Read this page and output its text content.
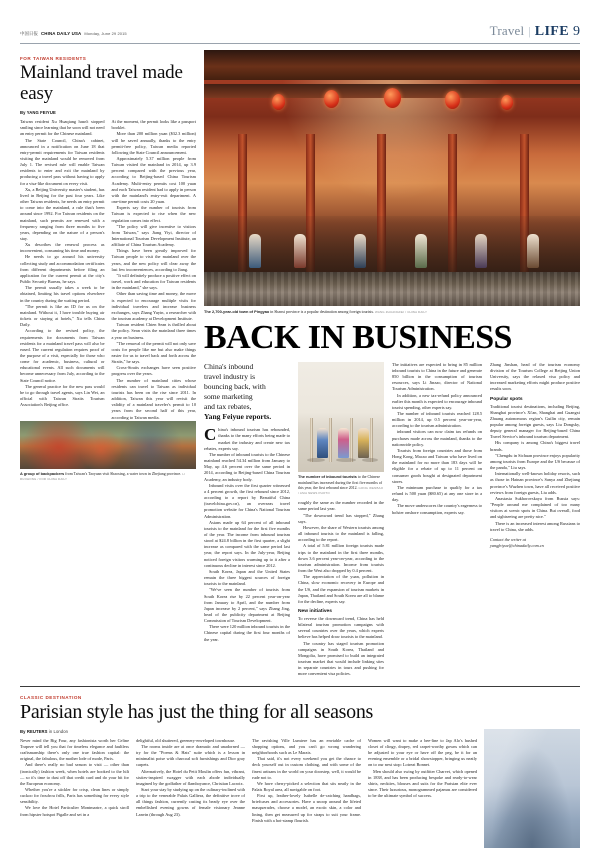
中国日报 CHINA DAILY USA Monday, June 29 2015	Travel | LIFE 9
FOR TAIWAN RESIDENTS
Mainland travel made easy
By YANG FEIYUE

Taiwan resident Xu Huaqiang hasn't stopped smiling since learning that he soon will not need an entry permit for the Chinese mainland.

The State Council, China's cabinet, announced in a notification on June 18 that entry-permit requirements for Taiwan residents visiting the mainland would be removed from July 1. The revised rule will enable Taiwan residents to enter and exit the mainland by producing a travel pass without having to apply for a visa-like document on every visit.

Xu, a Beijing University master's student, has lived in Beijing for the past four years. Like other Taiwan residents, he needs an entry permit to come into the mainland, a rule that's been around since 1992. For Taiwan residents on the mainland, such permits are renewed with a frequency ranging from three months to five years, depending on the nature of a person's stay.

Xu describes the renewal process as inconvenient, consuming his time and money.

He needs to go around his university collecting study and accommodation certificates from different departments before filing an application for the current permit at the city's Public Security Bureau, he says.

The permit usually takes a week to be obtained, limiting his travel options elsewhere in the country during the waiting period.

"The permit is like an ID for us on the mainland. Without it, I have trouble buying air tickets or staying at hotels," Xu tells China Daily.

According to the revised policy, the requirements for documents from Taiwan residents for a mainland travel pass will also be eased. The current regulation requires proof of the purpose of a visit, especially for those who come for academic, business, cultural or educational events. All such documents will become unnecessary from July, according to the State Council notice.

The general practice for the new pass would be to go through travel agents, says Lin Wei, an official with Taiwan Straits Tourism Association's Beijing office.

At the moment, the permit looks like a passport booklet.

More than 200 million yuan ($32.3 million) will be saved annually, thanks to the entry permit-free policy, Taiwan media reported following the State Council announcement.

Approximately 5.37 million people from Taiwan visited the mainland in 2014, up 3.9 percent compared with the previous year, according to Beijing-based China Tourism Academy. Multi-entry permits cost 100 yuan and each Taiwan resident had to apply in person with the mainland's entry-exit department. A one-time permit costs 20 yuan.

Experts say the number of tourists from Taiwan is expected to rise when the new regulation comes into effect.

"The policy will give incentive to visitors from Taiwan," says Jiang Yiyi, director of International Tourism Development Institute, an affiliate of China Tourism Academy.

Things have been greatly improved for Taiwan people to visit the mainland over the years, and the new policy will clear away the last few inconveniences, according to Jiang.

"It will definitely produce a positive effect on travel, work and education for Taiwan residents in the mainland," she says.

Other than saving time and money, the move is expected to encourage multiple visits for individual travelers and increase business exchanges, says Zhang Yuyin, a researcher with the tourism academy at Development Institute.

Taiwan resident Chien Sean is thrilled about the policy. Sean visits the mainland three times a year on business.

"The removal of the permit will not only save costs for people like me but also make things easier for us to travel back and forth across the Straits," he says.

Cross-Straits exchanges have seen positive progress over the years.

The number of mainland cities whose residents can travel to Taiwan as individual tourists has been on the rise since 2011. In addition, Taiwan this year will revisit the validity of a mainland traveler's permit to 10 years from the second half of this year, according to Taiwan media.

A group of backpackers from Taiwan's Taoyuan visit Shaoxing, a water town in Zhejiang province. LI RUOHONG / FOR CHINA DAILY
The 2,700-year-old town of Pingyao in Shanxi province is a popular destination among foreign tourists. WANG ZHUANGFEI / CHINA DAILY
BACK IN BUSINESS
China's inbound
travel industry is
bouncing back, with
some marketing
and tax rebates,
Yang Feiyue reports.

China's inbound tourism has rebounded, thanks to the many efforts being made to market the industry and create new tax rebates, experts say.

The number of inbound tourists to the Chinese mainland reached 54.34 million from January to May, up 4.6 percent over the same period in 2014, according to Beijing-based China Tourism Academy, an industry body.

Inbound visits over the first quarter witnessed a 4 percent growth, the first rebound since 2012, according to a report by Beautiful China (travelchina.gov.cn), an overseas travel promotion website for China's National Tourism Administration.

Asians made up 64 percent of all inbound tourists to the mainland for the first five months of the year. The income from inbound tourism stood at $24.8 billion in the first quarter, a slight increase as compared with the same period last year, the report says. In the July-year, Beijing noticed foreign visitors warming up to it after a continuous decline in interest since 2012.

South Korea, Japan and the United States remain the three biggest sources of foreign tourists to the mainland.

"We've seen the number of tourists from South Korea rise by 22 percent year-on-year from January to April, and the number from Japan increase by 2 percent," says Zhang Jing, head of the publicity department at Beijing Commission of Tourism Development.

There were 120 million inbound tourists in the Chinese capital during the first four months of the year.

The number of inbound tourists to the Chinese mainland has increased during the first five months of this year, the first rebound since 2012. GONG WENBAO / ASIA NEWS PHOTO

roughly the same as the number recorded in the same period last year.

"The downward trend has stopped," Zhang says.

However, the share of Western tourists among all inbound tourists to the mainland is falling, according to the report.

A total of 5.81 million foreign tourists made trips to the mainland in the first three months, down 3.6 percent year-on-year, according to the tourism administration. Income from tourists from the West also dropped by 0.4 percent.

The appreciation of the yuan, pollution in China, slow economic recovery in Europe and the US, and the expansion of tourism markets in Japan, Thailand and South Korea are all to blame for the decline, experts say.

New initiatives

To reverse the downward trend, China has held bilateral tourism promotion campaigns with several countries over the years, which experts believe has helped draw tourists to the mainland.

The country has staged tourism promotion campaigns in South Korea, Thailand and Mongolia, have promised to build an integrated tourism market that would include linking sites in separate countries in tours and pushing for more convenient visa policies.

The initiatives are expected to bring in 85 million inbound tourists to China in the future and generate 850 billion in the consumption of tourism resources, says Li Jinzao, director of National Tourism Administration.

In addition, a new tax-refund policy announced earlier this month is expected to encourage inbound tourist spending, other experts say.

The number of inbound tourists reached 128.5 million in 2014, up 0.5 percent year-on-year, according to the tourism administration.

inbound visitors can now claim tax refunds on purchases made across the mainland, thanks to the nationwide policy.

Tourists from foreign countries and those from Hong Kong, Macao and Taiwan who have lived on the mainland for no more than 183 days will be eligible for a rebate of up to 11 percent on consumer goods bought at designated department stores.

The minimum purchase to qualify for a tax refund is 500 yuan ($80.65) at any one store in a day.

The move underscores the country's eagerness to bolster onshore consumption, experts say.

Zhang Jinshan, head of the tourism economy division of the Tourism College at Beijing Union University, says the relaxed visa policy and increased marketing efforts might produce positive results soon.

Popular spots

Traditional tourist destinations, including Beijing, Shanghai province's Xi'an, Shanghai and Guangxi Zhuang autonomous region's Guilin city, remain popular among foreign guests, says Liu Dongsky, deputy general manager for Beijing-based China Travel Service's inbound tourism department.

His company is among China's biggest travel brands.

"Chengdu in Sichuan province enjoys popularity among tourists from Europe and the US because of the panda," Liu says.

Internationally well-known holiday resorts, such as those in Hainan province's Sanya and Zhejiang province's Wuzhen town, have all received positive reviews from foreign guests, Liu adds.

Anastasia Sukhorovskaya from Russia says: "People around me complained of too many visitors at scenic spots in China. But overall, food and sightseeing are pretty nice."

There is an increased interest among Russians to travel to China, she adds.

Contact the writer at
yangfeiyue@chinadaily.com.cn
CLASSIC DESTINATION
Parisian style has just the thing for all seasons
By REUTERS in London

Never mind the Big Four, any fashionista worth her Celine Trapeze will tell you that for timeless elegance and faultless craftsmanship there's only one true fashion capital: the original, the fabulous, the mother lode of mode, Paris.

And there's really no bad season to visit — other than (ironically) fashion week, when hotels are booked to the hilt — so it's time to dust off that credit card and do your bit for the European economy.

Whether you're a stickler for crisp, clean lines or simply cuckoo for froufrou frills, Paris has something for every style sensibility.

We love the Hotel Particulier Montmartre, a quick stroll from hipster hotspot Pigalle and set in a

delightful, old shuttered, greenery-enveloped townhouse.

The rooms inside are at once dramatic and unadorned — try for the "Poems & Hats" suite which is a lesson in minimalist poise with charcoal soft furnishings and Dior gray carpets.

Alternatively, the Hotel du Petit Moulin offers fun, vibrant, sixties-inspired swagger with each abode individually imagined by the godfather of flamboyance, Christian Lacroix.

Start your stay by studying up on the culinary-inclined with a trip to the venerable Palais Galliera, the definitive trove of all things fashion, currently casting its beady eye over the embellished evening gowns of female visionary Jeanne Lanvin (through Aug 23).

The ravishing Ville Lumiere has an enviable cache of shopping options, and you can't go wrong wandering neighborhoods such as Le Marais.

That said, it's not every weekend you get the chance to deck yourself out in custom clothing, and with some of the finest artisans in the world on your doorstep, well, it would be rude not to.

We have cherry-picked a selection that sits neatly in the Palais Royal area, all navigable on foot.

First up, leather-lovely Isabelle de-catching handbags, briefcases and accessories. Have a snoop around the lifeted masquerades, choose a model, an exotic skin, a color and lining, then get measured up for straps to suit your frame. Finish with a hot-stamp flourish.

Women will want to make a bee-line to Jap Alo's hushed closet of clingy, drapey, red carpet-worthy gowns which can be adjusted to your eye or have off the peg, be it for an evening ensemble or a bridal showstopper, bringing us neatly on to our next stop: Lotreat Bonnet.

Men should also swing by outfitter Charvet, which opened in 1838, and has been producing bespoke and ready-to-wear shirts, neckties, blouses and suits for the Parisian elite ever since. Their luxurious, monogrammed pajamas are considered to be the ultimate symbol of success.
